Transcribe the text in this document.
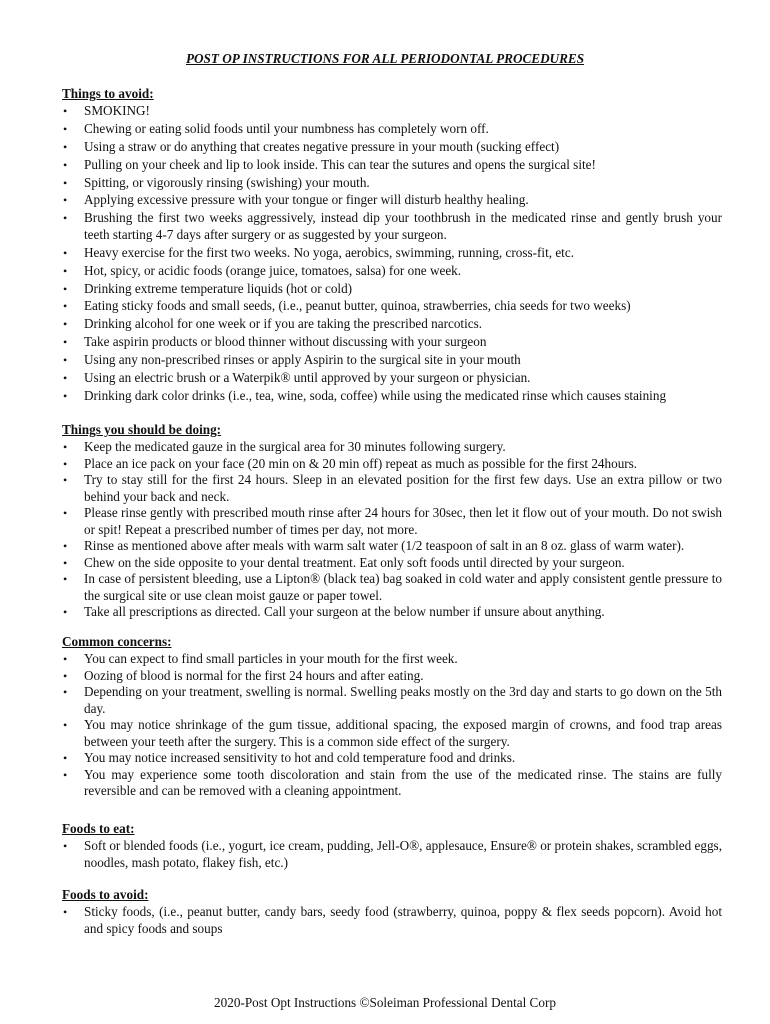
POST OP INSTRUCTIONS FOR ALL PERIODONTAL PROCEDURES
Things to avoid:
• SMOKING!
• Chewing or eating solid foods until your numbness has completely worn off.
• Using a straw or do anything that creates negative pressure in your mouth (sucking effect)
• Pulling on your cheek and lip to look inside. This can tear the sutures and opens the surgical site!
• Spitting, or vigorously rinsing (swishing) your mouth.
• Applying excessive pressure with your tongue or finger will disturb healthy healing.
• Brushing the first two weeks aggressively, instead dip your toothbrush in the medicated rinse and gently brush your teeth starting 4-7 days after surgery or as suggested by your surgeon.
• Heavy exercise for the first two weeks. No yoga, aerobics, swimming, running, cross-fit, etc.
• Hot, spicy, or acidic foods (orange juice, tomatoes, salsa) for one week.
• Drinking extreme temperature liquids (hot or cold)
• Eating sticky foods and small seeds, (i.e., peanut butter, quinoa, strawberries, chia seeds for two weeks)
• Drinking alcohol for one week or if you are taking the prescribed narcotics.
• Take aspirin products or blood thinner without discussing with your surgeon
• Using any non-prescribed rinses or apply Aspirin to the surgical site in your mouth
• Using an electric brush or a Waterpik® until approved by your surgeon or physician.
• Drinking dark color drinks (i.e., tea, wine, soda, coffee) while using the medicated rinse which causes staining
Things you should be doing:
• Keep the medicated gauze in the surgical area for 30 minutes following surgery.
• Place an ice pack on your face (20 min on & 20 min off) repeat as much as possible for the first 24hours.
• Try to stay still for the first 24 hours. Sleep in an elevated position for the first few days. Use an extra pillow or two behind your back and neck.
• Please rinse gently with prescribed mouth rinse after 24 hours for 30sec, then let it flow out of your mouth. Do not swish or spit! Repeat a prescribed number of times per day, not more.
• Rinse as mentioned above after meals with warm salt water (1/2 teaspoon of salt in an 8 oz. glass of warm water).
• Chew on the side opposite to your dental treatment. Eat only soft foods until directed by your surgeon.
• In case of persistent bleeding, use a Lipton® (black tea) bag soaked in cold water and apply consistent gentle pressure to the surgical site or use clean moist gauze or paper towel.
• Take all prescriptions as directed. Call your surgeon at the below number if unsure about anything.
Common concerns:
• You can expect to find small particles in your mouth for the first week.
• Oozing of blood is normal for the first 24 hours and after eating.
• Depending on your treatment, swelling is normal. Swelling peaks mostly on the 3rd day and starts to go down on the 5th day.
• You may notice shrinkage of the gum tissue, additional spacing, the exposed margin of crowns, and food trap areas between your teeth after the surgery. This is a common side effect of the surgery.
• You may notice increased sensitivity to hot and cold temperature food and drinks.
• You may experience some tooth discoloration and stain from the use of the medicated rinse. The stains are fully reversible and can be removed with a cleaning appointment.
Foods to eat:
• Soft or blended foods (i.e., yogurt, ice cream, pudding, Jell-O®, applesauce, Ensure® or protein shakes, scrambled eggs, noodles, mash potato, flakey fish, etc.)
Foods to avoid:
• Sticky foods, (i.e., peanut butter, candy bars, seedy food (strawberry, quinoa, poppy & flex seeds popcorn). Avoid hot and spicy foods and soups
2020-Post Opt Instructions ©Soleiman Professional Dental Corp
